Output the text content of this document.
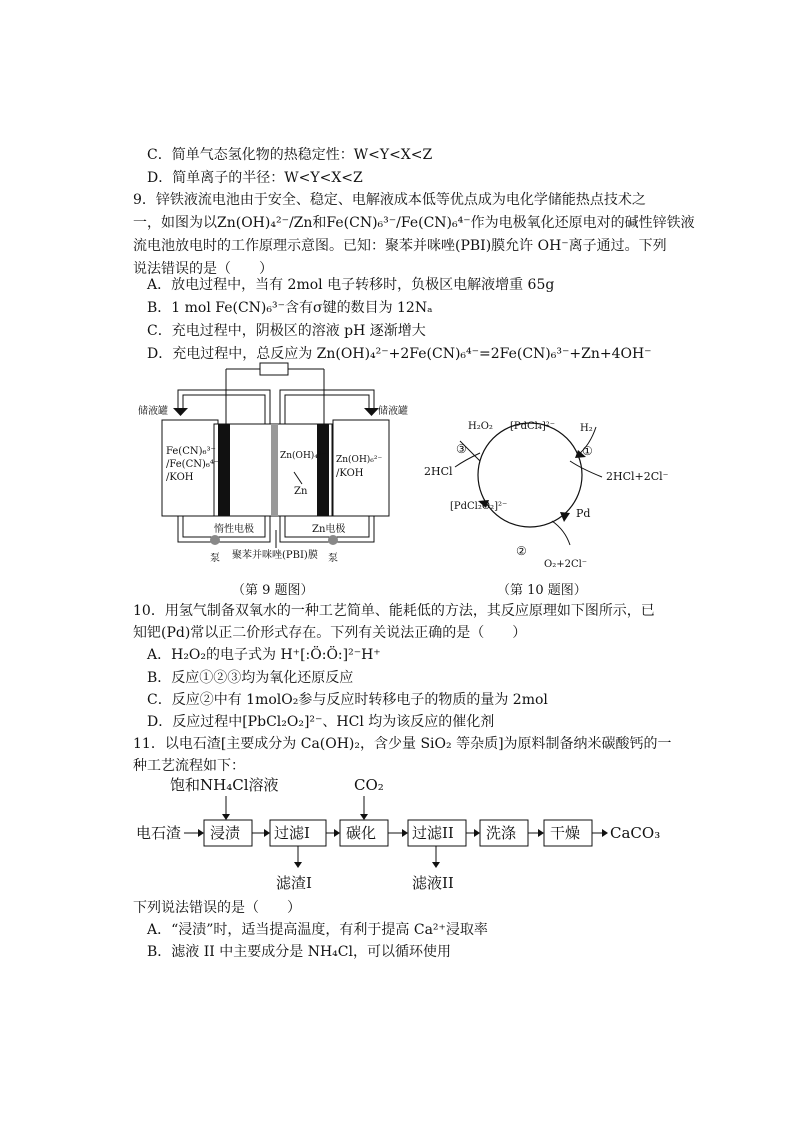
C．简单气态氢化物的热稳定性：W<Y<X<Z
D．简单离子的半径：W<Y<X<Z
9．锌铁液流电池由于安全、稳定、电解液成本低等优点成为电化学储能热点技术之
一，如图为以Zn(OH)₄²⁻/Zn和Fe(CN)₆³⁻/Fe(CN)₆⁴⁻作为电极氧化还原电对的碱性锌铁液
流电池放电时的工作原理示意图。已知：聚苯并咪唑(PBI)膜允许 OH⁻离子通过。下列
说法错误的是（　　）
A．放电过程中，当有 2mol 电子转移时，负极区电解液增重 65g
B．1 mol Fe(CN)₆³⁻含有σ键的数目为 12Nₐ
C．充电过程中，阴极区的溶液 pH 逐渐增大
D．充电过程中，总反应为 Zn(OH)₄²⁻+2Fe(CN)₆⁴⁻=2Fe(CN)₆³⁻+Zn+4OH⁻
储液罐	储液罐
Fe(CN)₆³⁻
/Fe(CN)₆⁴⁻
/KOH
Zn(OH)₄²⁻
Zn
Zn(OH)₆²⁻
/KOH
惰性电极	Zn电极
泵	泵
聚苯并咪唑(PBI)膜
（第 9 题图）
[PdCl₄]²⁻ H₂
H₂O₂
③	①
2HCl	2HCl+2Cl⁻
[PdCl₂O₂]²⁻
Pd
②
O₂+2Cl⁻
（第 10 题图）
10．用氢气制备双氧水的一种工艺简单、能耗低的方法，其反应原理如下图所示，已
知钯(Pd)常以正二价形式存在。下列有关说法正确的是（　　）
A．H₂O₂的电子式为 H⁺[:Ö:Ö:]²⁻H⁺
B．反应①②③均为氧化还原反应
C．反应②中有 1molO₂参与反应时转移电子的物质的量为 2mol
D．反应过程中[PbCl₂O₂]²⁻、HCl 均为该反应的催化剂
11．以电石渣[主要成分为 Ca(OH)₂，含少量 SiO₂ 等杂质]为原料制备纳米碳酸钙的一
种工艺流程如下：
饱和NH₄Cl溶液	CO₂
电石渣 浸渍 过滤I
滤渣I
碳化 过滤II
滤液II
洗涤 干燥 CaCO₃
下列说法错误的是（　　）
A．“浸渍”时，适当提高温度，有利于提高 Ca²⁺浸取率
B．滤液 II 中主要成分是 NH₄Cl，可以循环使用
